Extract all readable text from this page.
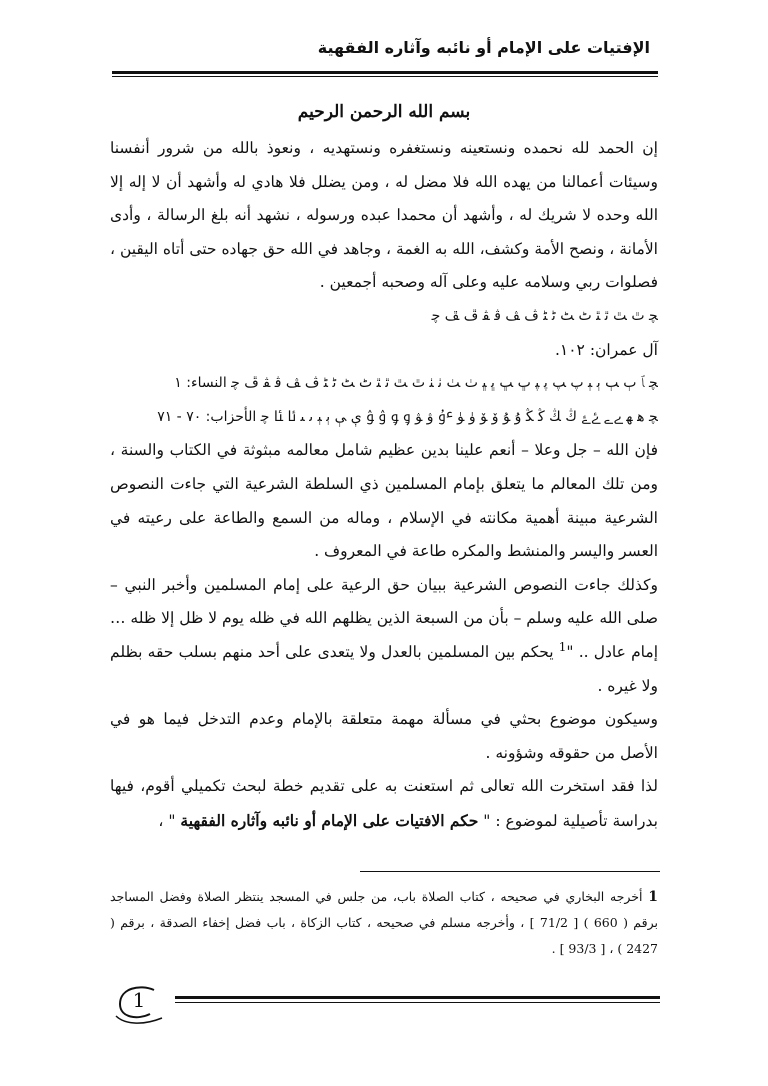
الإفتيات على الإمام أو نائبه وآثاره الفقهية

بسم الله الرحمن الرحيم

إن الحمد لله نحمده ونستعينه ونستغفره ونستهديه ، ونعوذ بالله من شرور أنفسنا وسيئات أعمالنا من يهده الله فلا مضل له ، ومن يضلل فلا هادي له وأشهد أن لا إله إلا الله وحده لا شريك له ، وأشهد أن محمدا عبده ورسوله ، نشهد أنه بلغ الرسالة ، وأدى الأمانة ، ونصح الأمة وكشف، الله به الغمة ، وجاهد في الله حق جهاده حتى أتاه اليقين ، فصلوات ربي وسلامه عليه وعلى آله وصحبه أجمعين .

ﭽ ﭢ ﭣ ﭤ ﭥ ﭦ ﭧ ﭨ ﭩ ﭪ ﭫ ﭬ ﭭ ﭮ ﭯ ﭼ

آل عمران: ١٠٢.

ﭽ ﭑ ﭒ ﭓ ﭔ ﭕ ﭖ ﭗ ﭘ ﭙ ﭚ ﭛ ﭜ ﭝ ﭞ ﭟ ﭠ ﭡ ﭢ ﭣ ﭤ ﭥ ﭦ ﭧ ﭨ ﭩ ﭪ ﭫ ﭬ ﭭ ﭮ ﭼ النساء: ١

ﭽ ﮬ ﮭ ﮮ ﮯ ﮰ ﮱ ﯓ ﯔ ﯕ ﯖ ﯗ ﯘ ﯙ ﯚ ﯛ ﯜ ﯝ ﯞ ﯟ ﯠ ﯡ ﯢ ﯣ ﯤ ﯥ ﯦ ﯧ ﯨ ﯩ ﯪ ﯫ ﭼ الأحزاب: ٧٠ - ٧١

فإن الله – جل وعلا – أنعم علينا بدين عظيم شامل معالمه مبثوثة في الكتاب والسنة ، ومن تلك المعالم ما يتعلق بإمام المسلمين ذي السلطة الشرعية التي جاءت النصوص الشرعية مبينة أهمية مكانته في الإسلام ، وماله من السمع والطاعة على رعيته في العسر واليسر والمنشط والمكره طاعة في المعروف .

وكذلك جاءت النصوص الشرعية ببيان حق الرعية على إمام المسلمين وأخبر النبي – صلى الله عليه وسلم – بأن من السبعة الذين يظلهم الله في ظله يوم لا ظل إلا ظله … إمام عادل .. "$^1$ يحكم بين المسلمين بالعدل ولا يتعدى على أحد منهم بسلب حقه بظلم ولا غيره .

وسيكون موضوع بحثي في مسألة مهمة متعلقة بالإمام وعدم التدخل فيما هو في الأصل من حقوقه وشؤونه .

لذا فقد استخرت الله تعالى ثم استعنت به على تقديم خطة لبحث تكميلي أقوم، فيها بدراسة تأصيلية لموضوع : " حكم الافتيات على الإمام أو نائبه وآثاره الفقهية " ،

1 أخرجه البخاري في صحيحه ، كتاب الصلاة باب، من جلس في المسجد ينتظر الصلاة وفضل المساجد برقم ( 660 ) [ 71/2 ] ، وأخرجه مسلم في صحيحه ، كتاب الزكاة ، باب فضل إخفاء الصدقة ، برقم ( 2427 ) ، [ 93/3 ] .
1
